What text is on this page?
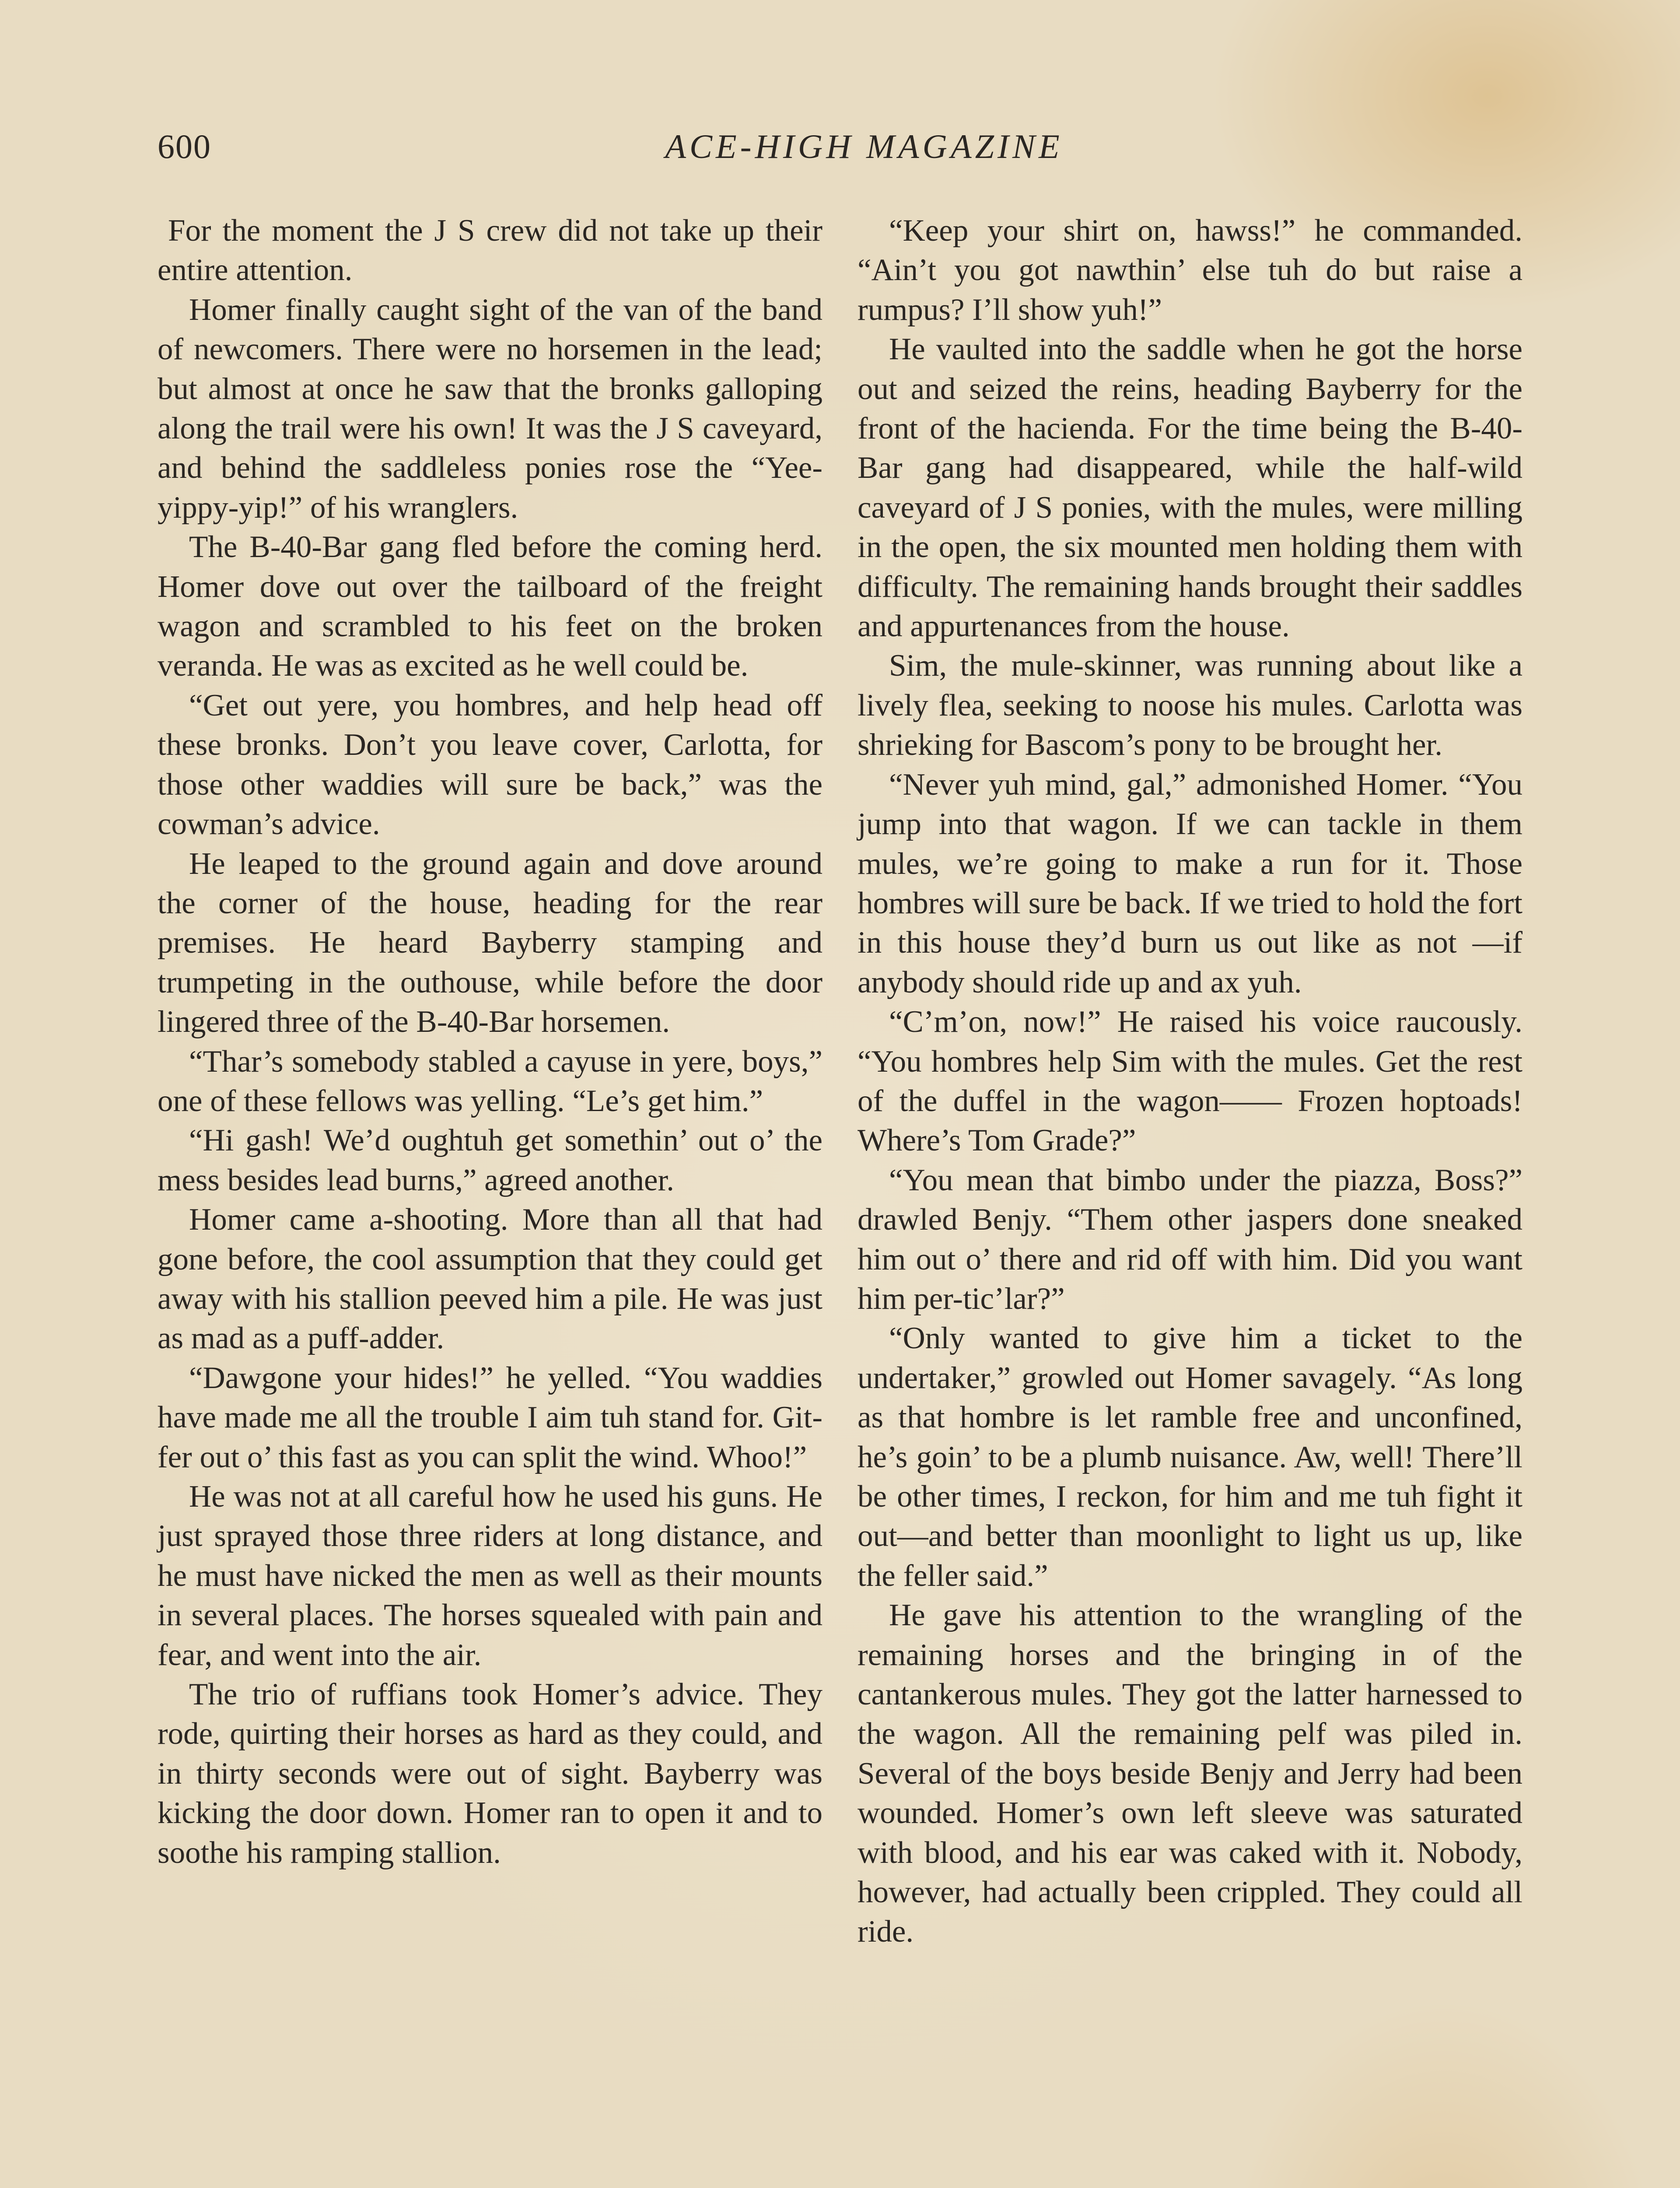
600	ACE-HIGH MAGAZINE

For the moment the J S crew did not take up their entire attention.

Homer finally caught sight of the van of the band of newcomers. There were no horsemen in the lead; but almost at once he saw that the bronks galloping along the trail were his own! It was the J S caveyard, and behind the saddleless ponies rose the “Yee-yippy-yip!” of his wranglers.

The B-40-Bar gang fled before the coming herd. Homer dove out over the tailboard of the freight wagon and scrambled to his feet on the broken veranda. He was as excited as he well could be.

“Get out yere, you hombres, and help head off these bronks. Don’t you leave cover, Carlotta, for those other waddies will sure be back,” was the cowman’s advice.

He leaped to the ground again and dove around the corner of the house, heading for the rear premises. He heard Bayberry stamping and trumpeting in the outhouse, while before the door lingered three of the B-40-Bar horsemen.

“Thar’s somebody stabled a cayuse in yere, boys,” one of these fellows was yelling. “Le’s get him.”

“Hi gash! We’d oughtuh get somethin’ out o’ the mess besides lead burns,” agreed another.

Homer came a-shooting. More than all that had gone before, the cool assumption that they could get away with his stallion peeved him a pile. He was just as mad as a puff-adder.

“Dawgone your hides!” he yelled. “You waddies have made me all the trouble I aim tuh stand for. Git-fer out o’ this fast as you can split the wind. Whoo!”

He was not at all careful how he used his guns. He just sprayed those three riders at long distance, and he must have nicked the men as well as their mounts in several places. The horses squealed with pain and fear, and went into the air.

The trio of ruffians took Homer’s advice. They rode, quirting their horses as hard as they could, and in thirty seconds were out of sight. Bayberry was kicking the door down. Homer ran to open it and to soothe his ramping stallion.

“Keep your shirt on, hawss!” he commanded. “Ain’t you got nawthin’ else tuh do but raise a rumpus? I’ll show yuh!”

He vaulted into the saddle when he got the horse out and seized the reins, heading Bayberry for the front of the hacienda. For the time being the B-40-Bar gang had disappeared, while the half-wild caveyard of J S ponies, with the mules, were milling in the open, the six mounted men holding them with difficulty. The remaining hands brought their saddles and appurtenances from the house.

Sim, the mule-skinner, was running about like a lively flea, seeking to noose his mules. Carlotta was shrieking for Bascom’s pony to be brought her.

“Never yuh mind, gal,” admonished Homer. “You jump into that wagon. If we can tackle in them mules, we’re going to make a run for it. Those hombres will sure be back. If we tried to hold the fort in this house they’d burn us out like as not —if anybody should ride up and ax yuh.

“C’m’on, now!” He raised his voice raucously. “You hombres help Sim with the mules. Get the rest of the duffel in the wagon—— Frozen hoptoads! Where’s Tom Grade?”

“You mean that bimbo under the piazza, Boss?” drawled Benjy. “Them other jaspers done sneaked him out o’ there and rid off with him. Did you want him per-tic’lar?”

“Only wanted to give him a ticket to the undertaker,” growled out Homer savagely. “As long as that hombre is let ramble free and unconfined, he’s goin’ to be a plumb nuisance. Aw, well! There’ll be other times, I reckon, for him and me tuh fight it out—and better than moonlight to light us up, like the feller said.”

He gave his attention to the wrangling of the remaining horses and the bringing in of the cantankerous mules. They got the latter harnessed to the wagon. All the remaining pelf was piled in. Several of the boys beside Benjy and Jerry had been wounded. Homer’s own left sleeve was saturated with blood, and his ear was caked with it. Nobody, however, had actually been crippled. They could all ride.
